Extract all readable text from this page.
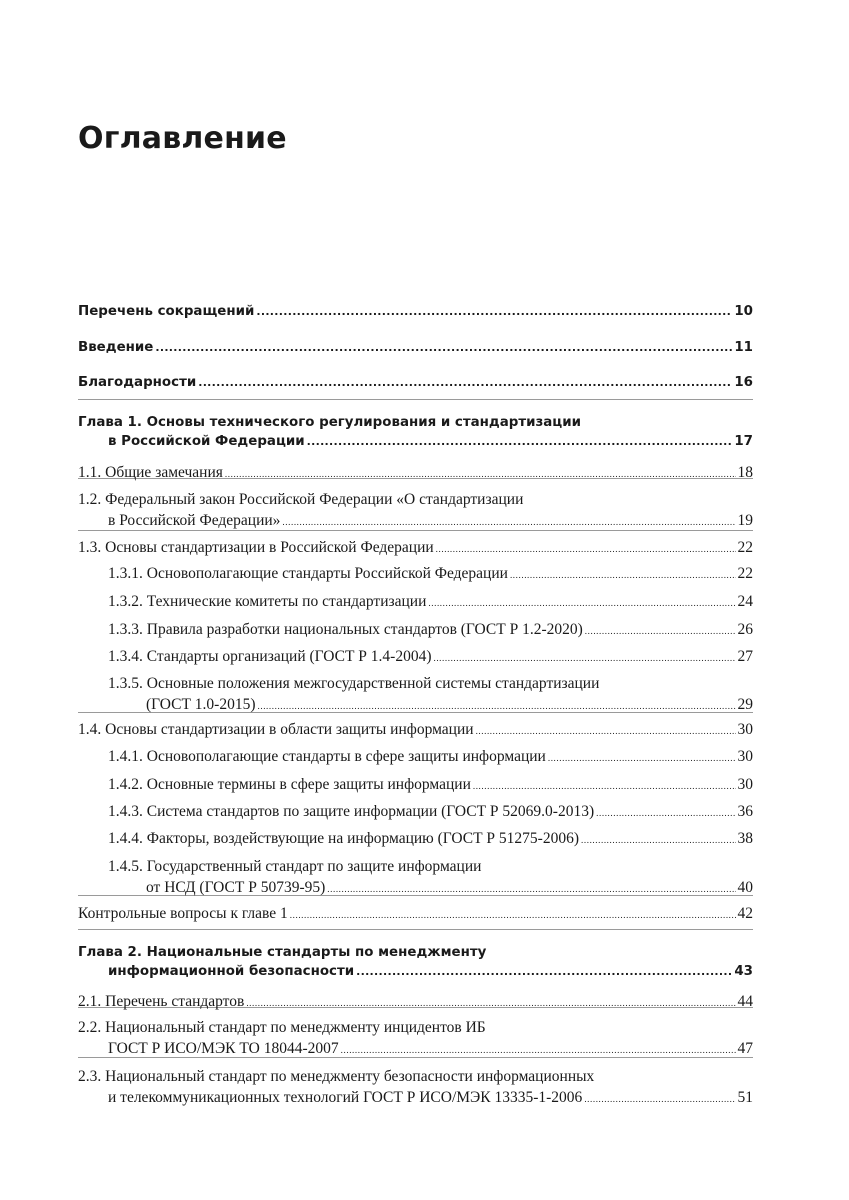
Оглавление
Перечень сокращений .....	10
Введение .....	11
Благодарности .....	16
Глава 1. Основы технического регулирования и стандартизации
в Российской Федерации .....	17
1.1. Общие замечания .....	18
1.2. Федеральный закон Российской Федерации «О стандартизации
в Российской Федерации» .....	19
1.3. Основы стандартизации в Российской Федерации .....	22
1.3.1. Основополагающие стандарты Российской Федерации .....	22
1.3.2. Технические комитеты по стандартизации .....	24
1.3.3. Правила разработки национальных стандартов (ГОСТ Р 1.2-2020) .....	26
1.3.4. Стандарты организаций (ГОСТ Р 1.4-2004) .....	27
1.3.5. Основные положения межгосударственной системы стандартизации
(ГОСТ 1.0-2015) .....	29
1.4. Основы стандартизации в области защиты информации .....	30
1.4.1. Основополагающие стандарты в сфере защиты информации .....	30
1.4.2. Основные термины в сфере защиты информации .....	30
1.4.3. Система стандартов по защите информации (ГОСТ Р 52069.0-2013) .....	36
1.4.4. Факторы, воздействующие на информацию (ГОСТ Р 51275-2006) .....	38
1.4.5. Государственный стандарт по защите информации
от НСД (ГОСТ Р 50739-95) .....	40
Контрольные вопросы к главе 1 .....	42
Глава 2. Национальные стандарты по менеджменту
информационной безопасности .....	43
2.1. Перечень стандартов .....	44
2.2. Национальный стандарт по менеджменту инцидентов ИБ
ГОСТ Р ИСО/МЭК ТО 18044-2007 .....	47
2.3. Национальный стандарт по менеджменту безопасности информационных
и телекоммуникационных технологий ГОСТ Р ИСО/МЭК 13335-1-2006 .....	51
